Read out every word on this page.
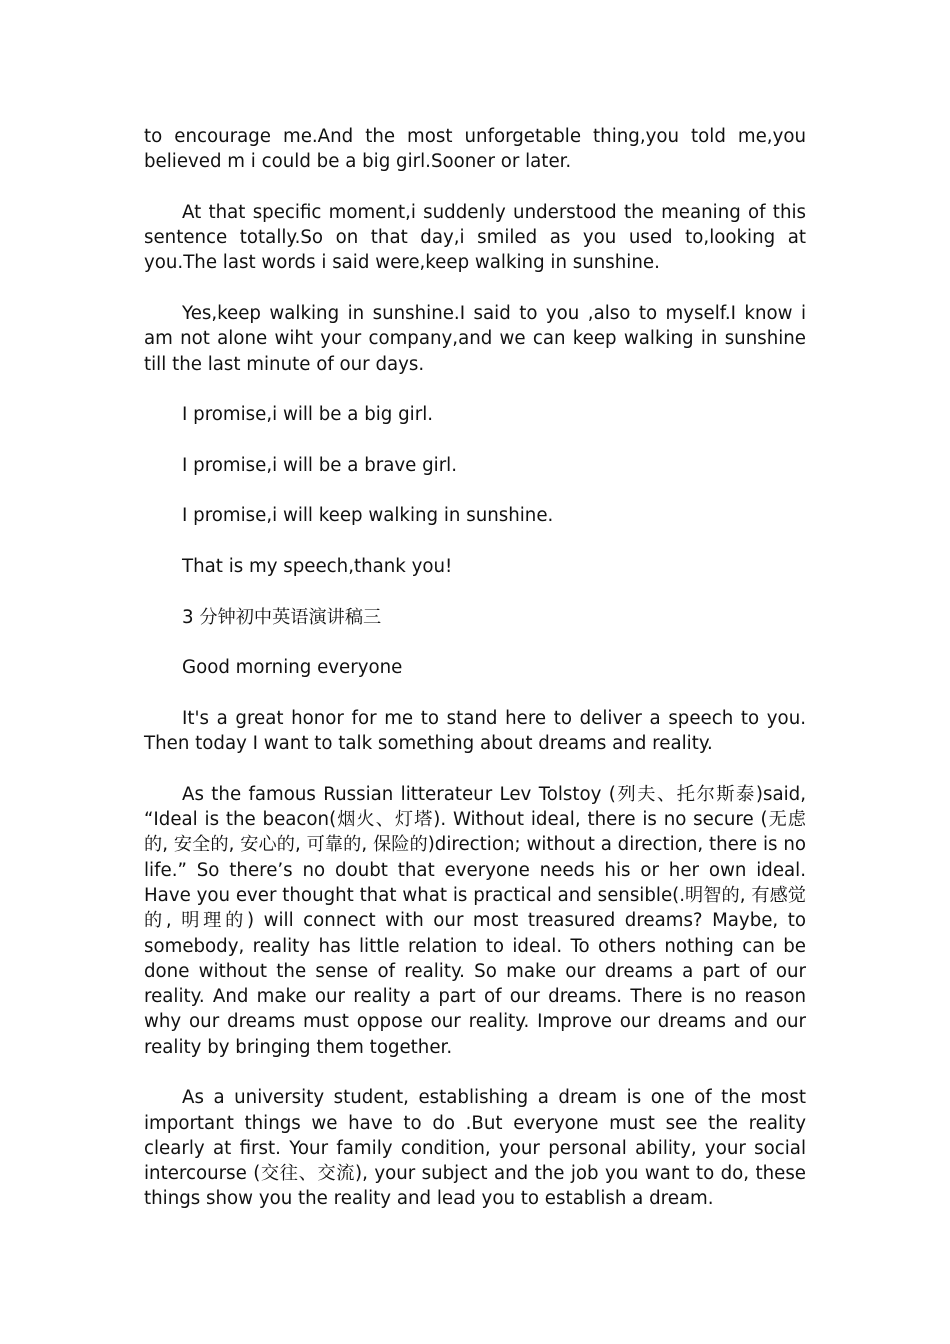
to encourage me.And the most unforgetable thing,you told me,you believed m i could be a big girl.Sooner or later.

At that specific moment,i suddenly understood the meaning of this sentence totally.So on that day,i smiled as you used to,looking at you.The last words i said were,keep walking in sunshine.

Yes,keep walking in sunshine.I said to you ,also to myself.I know i am not alone wiht your company,and we can keep walking in sunshine till the last minute of our days.

I promise,i will be a big girl.

I promise,i will be a brave girl.

I promise,i will keep walking in sunshine.

That is my speech,thank you!

3 分钟初中英语演讲稿三

Good morning everyone

It's a great honor for me to stand here to deliver a speech to you. Then today I want to talk something about dreams and reality.

As the famous Russian litterateur Lev Tolstoy (列夫、托尔斯泰)said, “Ideal is the beacon(烟火、灯塔). Without ideal, there is no secure (无虑的, 安全的, 安心的, 可靠的, 保险的)direction; without a direction, there is no life.” So there’s no doubt that everyone needs his or her own ideal. Have you ever thought that what is practical and sensible(.明智的, 有感觉的, 明理的) will connect with our most treasured dreams? Maybe, to somebody, reality has little relation to ideal. To others nothing can be done without the sense of reality. So make our dreams a part of our reality. And make our reality a part of our dreams. There is no reason why our dreams must oppose our reality. Improve our dreams and our reality by bringing them together.

As a university student, establishing a dream is one of the most important things we have to do .But everyone must see the reality clearly at first. Your family condition, your personal ability, your social intercourse (交往、交流), your subject and the job you want to do, these things show you the reality and lead you to establish a dream.
